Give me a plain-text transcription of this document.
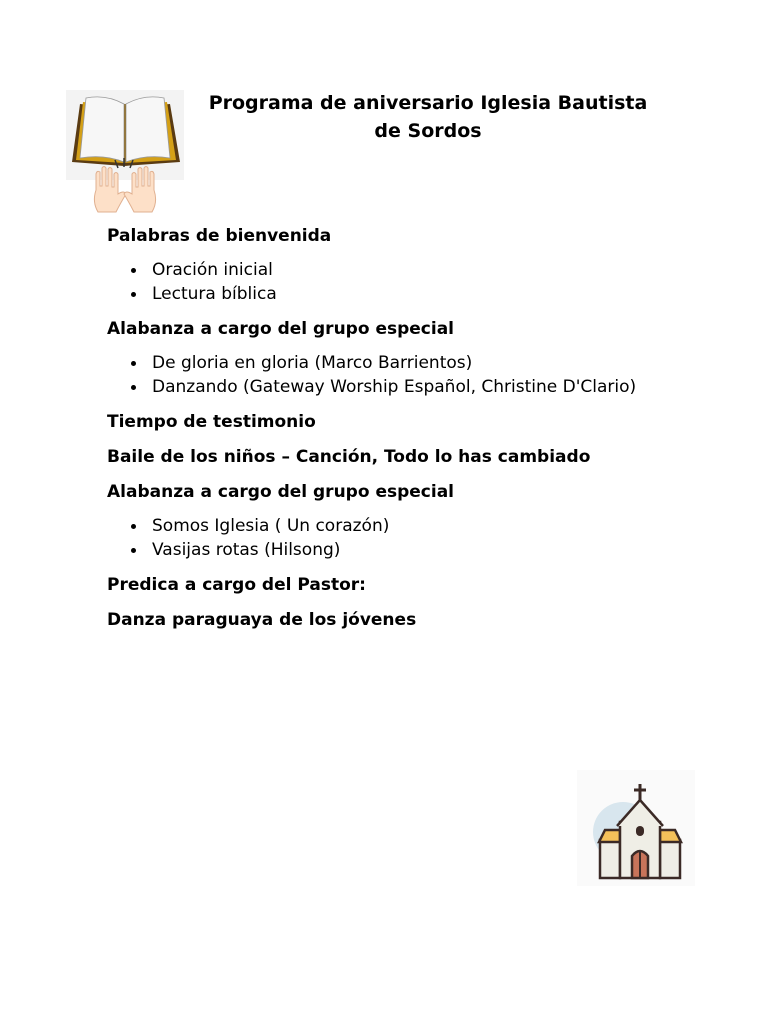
Programa de aniversario Iglesia Bautista
de Sordos
Palabras de bienvenida
Oración inicial
Lectura bíblica
Alabanza a cargo del grupo especial
De gloria en gloria (Marco Barrientos)
Danzando (Gateway Worship Español, Christine D'Clario)
Tiempo de testimonio
Baile de los niños – Canción, Todo lo has cambiado
Alabanza a cargo del grupo especial
Somos Iglesia ( Un corazón)
Vasijas rotas (Hilsong)
Predica a cargo del Pastor:
Danza paraguaya de los jóvenes
